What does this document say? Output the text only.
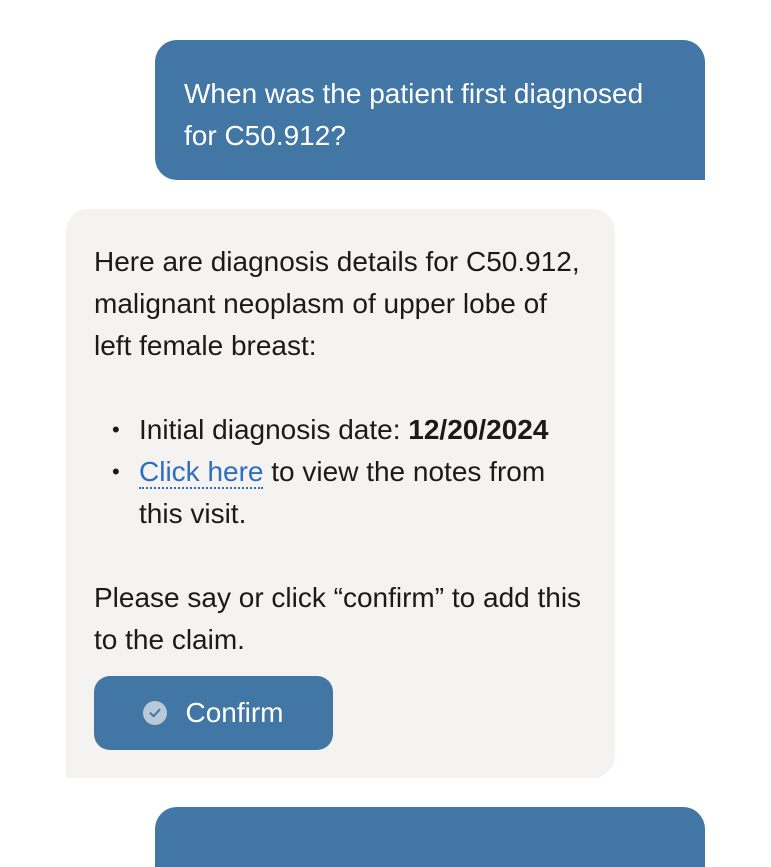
When was the patient first diagnosed for C50.912?

Here are diagnosis details for C50.912, malignant neoplasm of upper lobe of left female breast:

• Initial diagnosis date: 12/20/2024
• Click here to view the notes from this visit.

Please say or click “confirm” to add this to the claim.

Confirm
